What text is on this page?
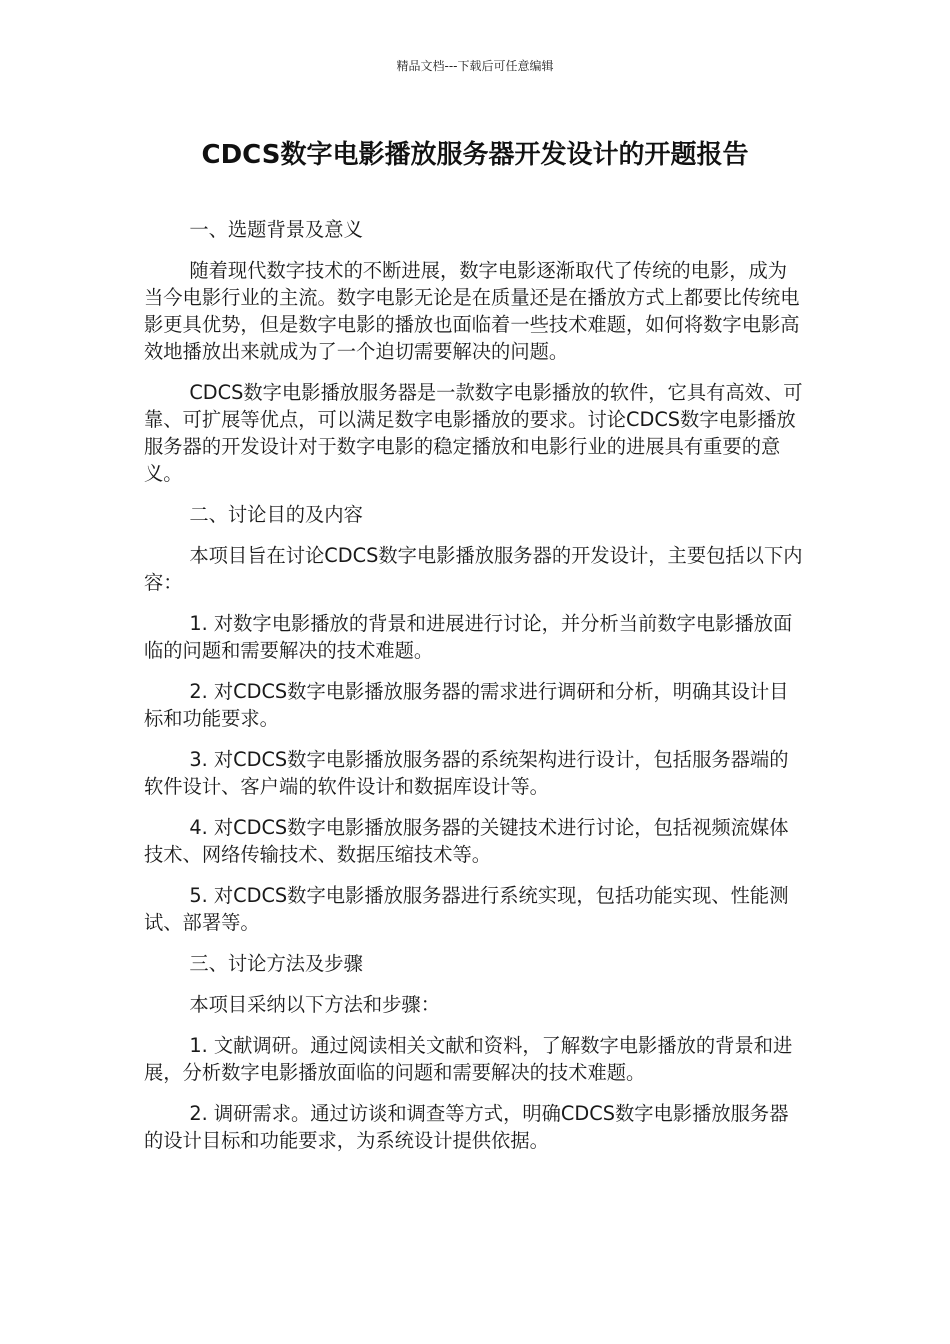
精品文档---下载后可任意编辑
CDCS数字电影播放服务器开发设计的开题报告

一、选题背景及意义

随着现代数字技术的不断进展，数字电影逐渐取代了传统的电影，成为当今电影行业的主流。数字电影无论是在质量还是在播放方式上都要比传统电影更具优势，但是数字电影的播放也面临着一些技术难题，如何将数字电影高效地播放出来就成为了一个迫切需要解决的问题。

CDCS数字电影播放服务器是一款数字电影播放的软件，它具有高效、可靠、可扩展等优点，可以满足数字电影播放的要求。讨论CDCS数字电影播放服务器的开发设计对于数字电影的稳定播放和电影行业的进展具有重要的意义。

二、讨论目的及内容

本项目旨在讨论CDCS数字电影播放服务器的开发设计，主要包括以下内容：

1. 对数字电影播放的背景和进展进行讨论，并分析当前数字电影播放面临的问题和需要解决的技术难题。

2. 对CDCS数字电影播放服务器的需求进行调研和分析，明确其设计目标和功能要求。

3. 对CDCS数字电影播放服务器的系统架构进行设计，包括服务器端的软件设计、客户端的软件设计和数据库设计等。

4. 对CDCS数字电影播放服务器的关键技术进行讨论，包括视频流媒体技术、网络传输技术、数据压缩技术等。

5. 对CDCS数字电影播放服务器进行系统实现，包括功能实现、性能测试、部署等。

三、讨论方法及步骤

本项目采纳以下方法和步骤：

1. 文献调研。通过阅读相关文献和资料，了解数字电影播放的背景和进展，分析数字电影播放面临的问题和需要解决的技术难题。

2. 调研需求。通过访谈和调查等方式，明确CDCS数字电影播放服务器的设计目标和功能要求，为系统设计提供依据。
